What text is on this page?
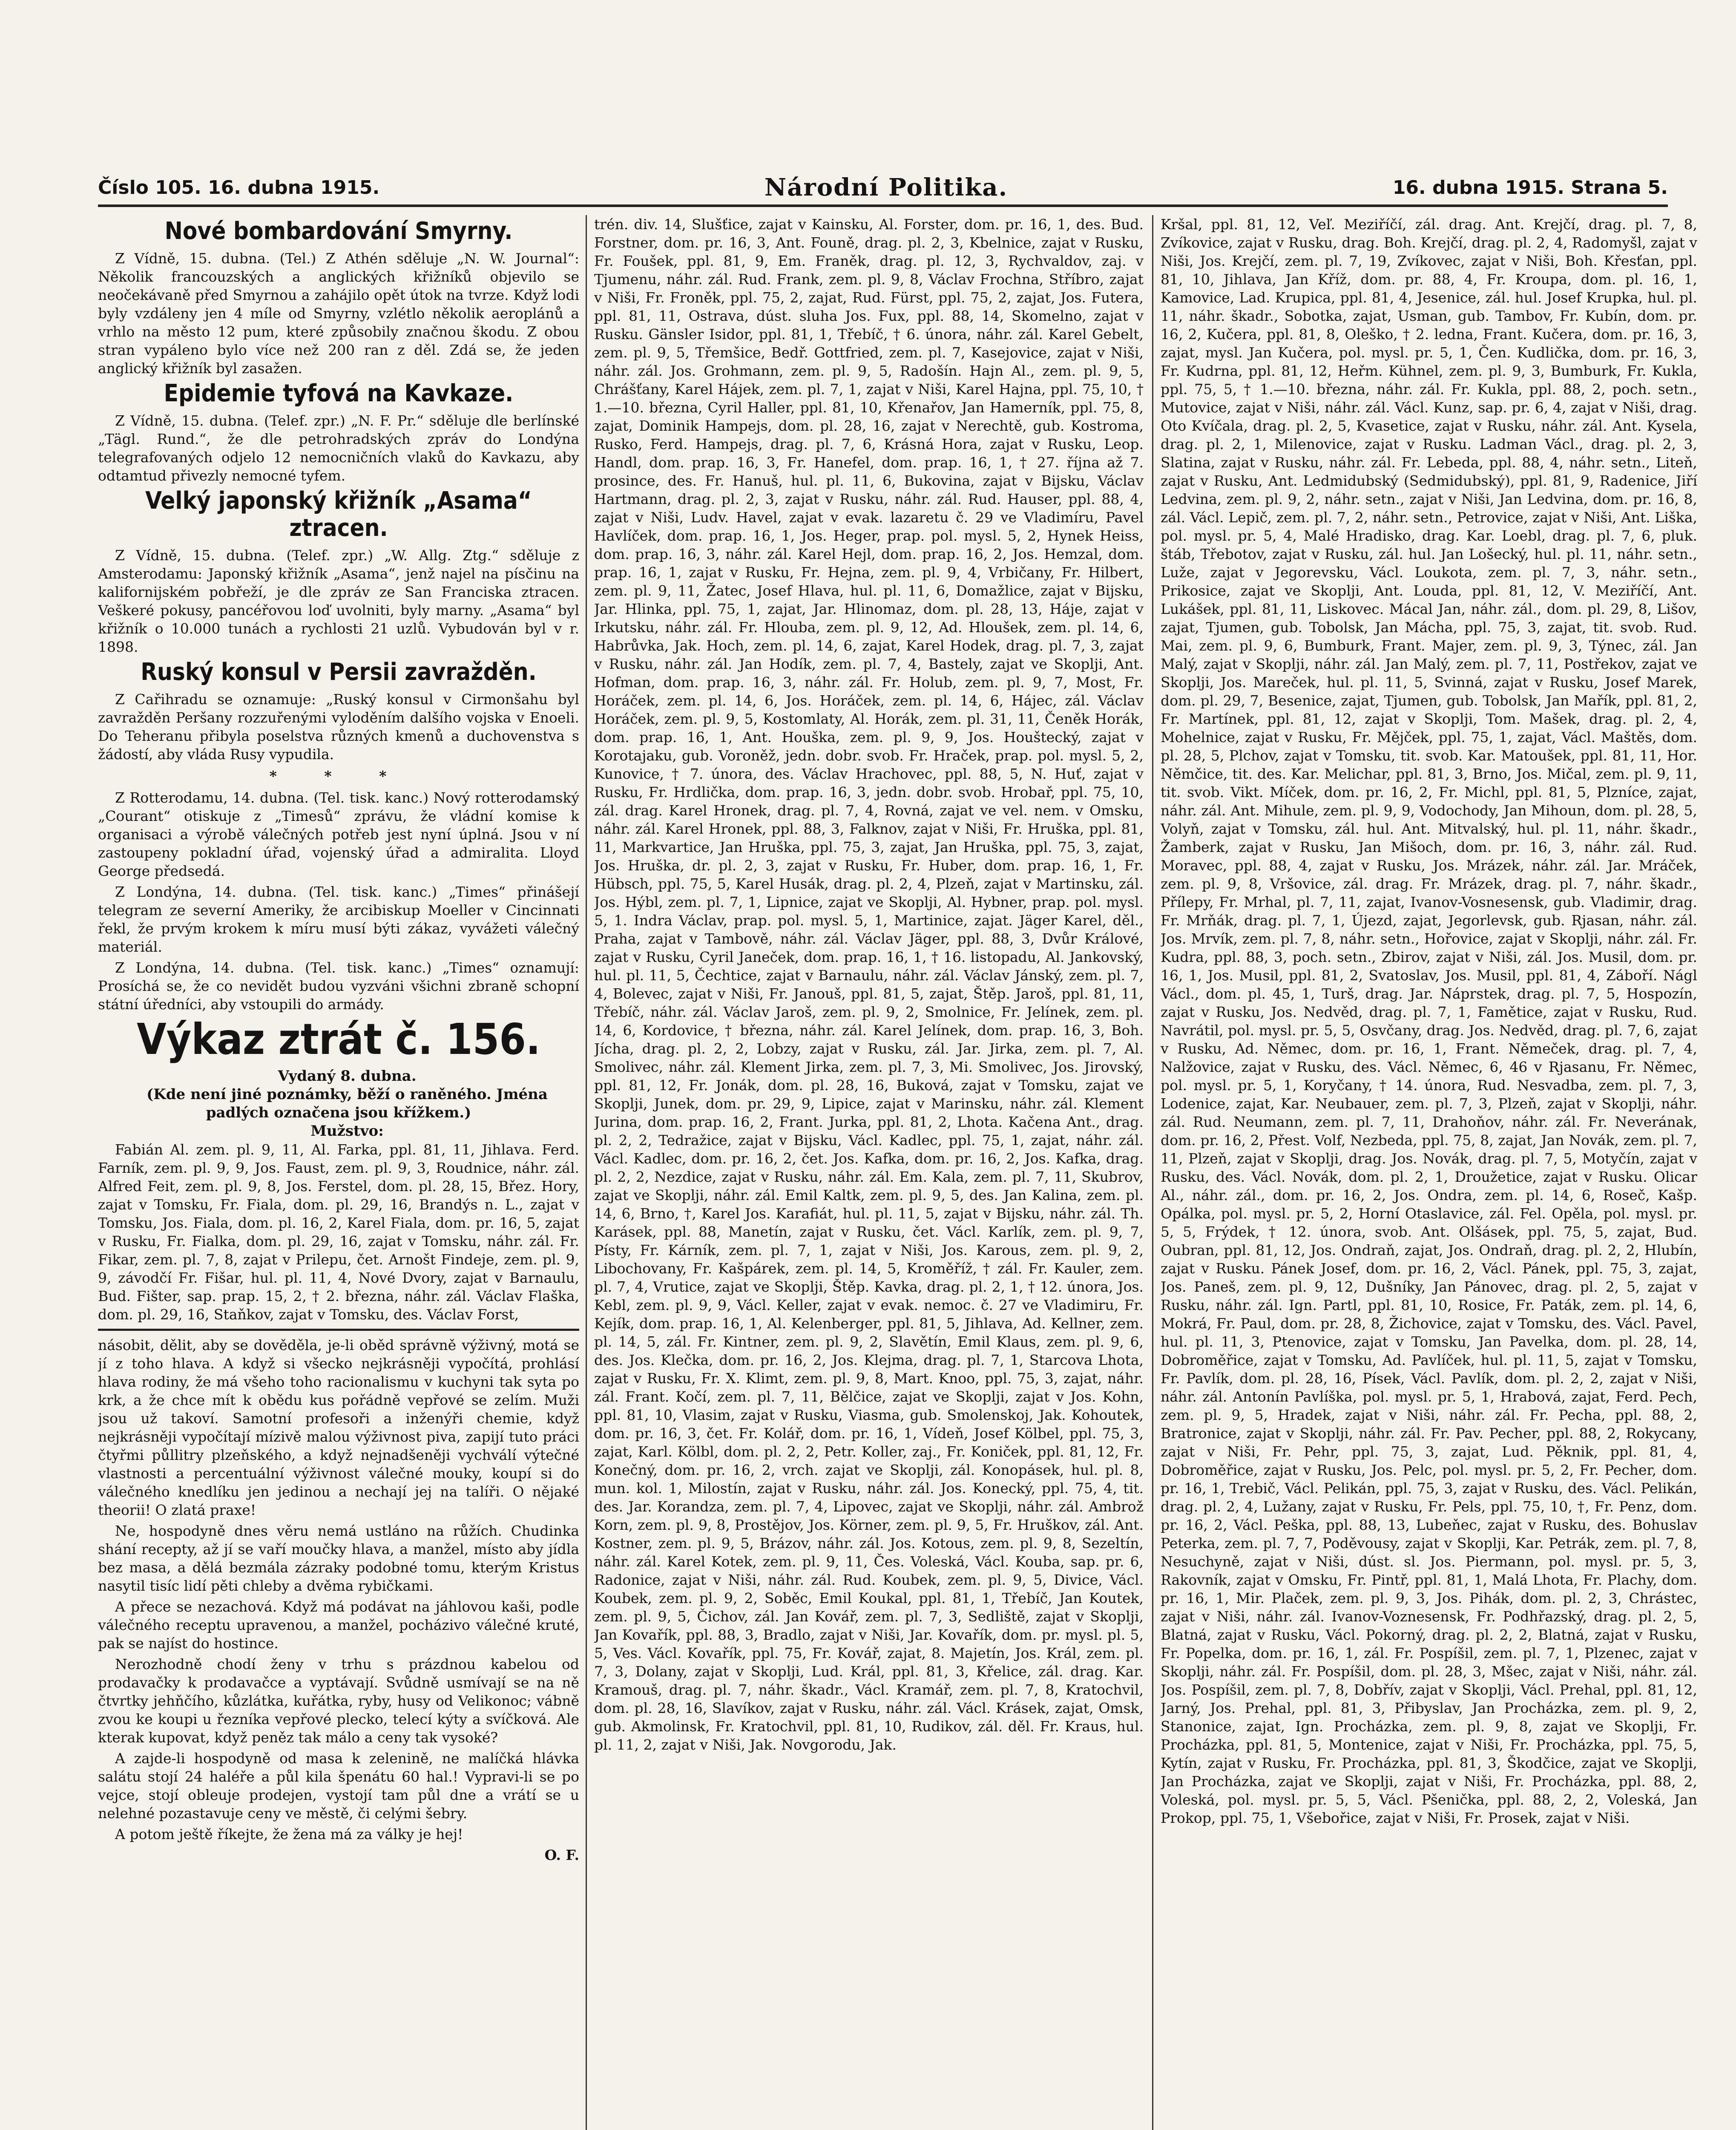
Číslo 105. 16. dubna 1915.	Národní Politika.	16. dubna 1915. Strana 5.
Nové bombardování Smyrny.

Z Vídně, 15. dubna. (Tel.) Z Athén sděluje „N. W. Journal“: Několik francouzských a anglických křižníků objevilo se neočekávaně před Smyrnou a zahájilo opět útok na tvrze. Když lodi byly vzdáleny jen 4 míle od Smyrny, vzlétlo několik aeroplánů a vrhlo na město 12 pum, které způsobily značnou škodu. Z obou stran vypáleno bylo více než 200 ran z děl. Zdá se, že jeden anglický křižník byl zasažen.

Epidemie tyfová na Kavkaze.

Z Vídně, 15. dubna. (Telef. zpr.) „N. F. Pr.“ sděluje dle berlínské „Tägl. Rund.“, že dle petrohradských zpráv do Londýna telegrafovaných odjelo 12 nemocničních vlaků do Kavkazu, aby odtamtud přivezly nemocné tyfem.

Velký japonský křižník „Asama“ ztracen.

Z Vídně, 15. dubna. (Telef. zpr.) „W. Allg. Ztg.“ sděluje z Amsterodamu: Japonský křižník „Asama“, jenž najel na písčinu na kalifornijském pobřeží, je dle zpráv ze San Franciska ztracen. Veškeré pokusy, pancéřovou loď uvolniti, byly marny. „Asama“ byl křižník o 10.000 tunách a rychlosti 21 uzlů. Vybudován byl v r. 1898.

Ruský konsul v Persii zavražděn.

Z Cařihradu se oznamuje: „Ruský konsul v Cirmonšahu byl zavražděn Peršany rozzuřenými vyloděním dalšího vojska v Enoeli. Do Teheranu přibyla poselstva různých kmenů a duchovenstva s žádostí, aby vláda Rusy vypudila.

* * *

Z Rotterodamu, 14. dubna. (Tel. tisk. kanc.) Nový rotterodamský „Courant“ otiskuje z „Timesů“ zprávu, že vládní komise k organisaci a výrobě válečných potřeb jest nyní úplná. Jsou v ní zastoupeny pokladní úřad, vojenský úřad a admiralita. Lloyd George předsedá.

Z Londýna, 14. dubna. (Tel. tisk. kanc.) „Times“ přinášejí telegram ze severní Ameriky, že arcibiskup Moeller v Cincinnati řekl, že prvým krokem k míru musí býti zákaz, vyvážeti válečný materiál.

Z Londýna, 14. dubna. (Tel. tisk. kanc.) „Times“ oznamují: Prosíchá se, že co nevidět budou vyzváni všichni zbraně schopní státní úředníci, aby vstoupili do armády.

Výkaz ztrát č. 156.

Vydaný 8. dubna.

(Kde není jiné poznámky, běží o raněného. Jména padlých označena jsou křížkem.)

Mužstvo:

Fabián Al. zem. pl. 9, 11, Al. Farka, ppl. 81, 11, Jihlava. Ferd. Farník, zem. pl. 9, 9, Jos. Faust, zem. pl. 9, 3, Roudnice, náhr. zál. Alfred Feit, zem. pl. 9, 8, Jos. Ferstel, dom. pl. 28, 15, Břez. Hory, zajat v Tomsku, Fr. Fiala, dom. pl. 29, 16, Brandýs n. L., zajat v Tomsku, Jos. Fiala, dom. pl. 16, 2, Karel Fiala, dom. pr. 16, 5, zajat v Rusku, Fr. Fialka, dom. pl. 29, 16, zajat v Tomsku, náhr. zál. Fr. Fikar, zem. pl. 7, 8, zajat v Prilepu, čet. Arnošt Findeje, zem. pl. 9, 9, závodčí Fr. Fišar, hul. pl. 11, 4, Nové Dvory, zajat v Barnaulu, Bud. Fišter, sap. prap. 15, 2, † 2. března, náhr. zál. Václav Flaška, dom. pl. 29, 16, Staňkov, zajat v Tomsku, des. Václav Forst,

násobit, dělit, aby se dověděla, je-li oběd správně výživný, motá se jí z toho hlava. A když si všecko nejkrásněji vypočítá, prohlásí hlava rodiny, že má všeho toho racionalismu v kuchyni tak syta po krk, a že chce mít k obědu kus pořádně vepřové se zelím. Muži jsou už takoví. Samotní profesoři a inženýři chemie, když nejkrásněji vypočítají mízivě malou výživnost piva, zapijí tuto práci čtyřmi půllitry plzeňského, a když nejnadšeněji vychválí výtečné vlastnosti a percentuální výživnost válečné mouky, koupí si do válečného knedlíku jen jedinou a nechají jej na talíři. O nějaké theorii! O zlatá praxe!

Ne, hospodyně dnes věru nemá ustláno na růžích. Chudinka shání recepty, až jí se vaří moučky hlava, a manžel, místo aby jídla bez masa, a dělá bezmála zázraky podobné tomu, kterým Kristus nasytil tisíc lidí pěti chleby a dvěma rybičkami.

A přece se nezachová. Když má podávat na jáhlovou kaši, podle válečného receptu upravenou, a manžel, pocházivo válečné kruté, pak se najíst do hostince.

Nerozhodně chodí ženy v trhu s prázdnou kabelou od prodavačky k prodavačce a vyptávají. Svůdně usmívají se na ně čtvrtky jehňčího, kůzlátka, kuřátka, ryby, husy od Velikonoc; vábně zvou ke koupi u řezníka vepřové plecko, telecí kýty a svíčková. Ale kterak kupovat, když peněz tak málo a ceny tak vysoké?

A zajde-li hospodyně od masa k zelenině, ne malíčká hlávka salátu stojí 24 haléře a půl kila špenátu 60 hal.! Vypravi-li se po vejce, stojí obleuje prodejen, vystojí tam půl dne a vrátí se u nelehné pozastavuje ceny ve městě, či celými šebry.

A potom ještě říkejte, že žena má za války je hej!

O. F.

trén. div. 14, Slušťice, zajat v Kainsku, Al. Forster, dom. pr. 16, 1, des. Bud. Forstner, dom. pr. 16, 3, Ant. Founě, drag. pl. 2, 3, Kbelnice, zajat v Rusku, Fr. Foušek, ppl. 81, 9, Em. Franěk, drag. pl. 12, 3, Rychvaldov, zaj. v Tjumenu, náhr. zál. Rud. Frank, zem. pl. 9, 8, Václav Frochna, Stříbro, zajat v Niši, Fr. Froněk, ppl. 75, 2, zajat, Rud. Fürst, ppl. 75, 2, zajat, Jos. Futera, ppl. 81, 11, Ostrava, dúst. sluha Jos. Fux, ppl. 88, 14, Skomelno, zajat v Rusku. Gänsler Isidor, ppl. 81, 1, Třebíč, † 6. února, náhr. zál. Karel Gebelt, zem. pl. 9, 5, Třemšice, Bedř. Gottfried, zem. pl. 7, Kasejovice, zajat v Niši, náhr. zál. Jos. Grohmann, zem. pl. 9, 5, Radošín. Hajn Al., zem. pl. 9, 5, Chrášťany, Karel Hájek, zem. pl. 7, 1, zajat v Niši, Karel Hajna, ppl. 75, 10, † 1.—10. března, Cyril Haller, ppl. 81, 10, Křenařov, Jan Hamerník, ppl. 75, 8, zajat, Dominik Hampejs, dom. pl. 28, 16, zajat v Nerechtě, gub. Kostroma, Rusko, Ferd. Hampejs, drag. pl. 7, 6, Krásná Hora, zajat v Rusku, Leop. Handl, dom. prap. 16, 3, Fr. Hanefel, dom. prap. 16, 1, † 27. října až 7. prosince, des. Fr. Hanuš, hul. pl. 11, 6, Bukovina, zajat v Bijsku, Václav Hartmann, drag. pl. 2, 3, zajat v Rusku, náhr. zál. Rud. Hauser, ppl. 88, 4, zajat v Niši, Ludv. Havel, zajat v evak. lazaretu č. 29 ve Vladimíru, Pavel Havlíček, dom. prap. 16, 1, Jos. Heger, prap. pol. mysl. 5, 2, Hynek Heiss, dom. prap. 16, 3, náhr. zál. Karel Hejl, dom. prap. 16, 2, Jos. Hemzal, dom. prap. 16, 1, zajat v Rusku, Fr. Hejna, zem. pl. 9, 4, Vrbičany, Fr. Hilbert, zem. pl. 9, 11, Žatec, Josef Hlava, hul. pl. 11, 6, Domažlice, zajat v Bijsku, Jar. Hlinka, ppl. 75, 1, zajat, Jar. Hlinomaz, dom. pl. 28, 13, Háje, zajat v Irkutsku, náhr. zál. Fr. Hlouba, zem. pl. 9, 12, Ad. Hloušek, zem. pl. 14, 6, Habrůvka, Jak. Hoch, zem. pl. 14, 6, zajat, Karel Hodek, drag. pl. 7, 3, zajat v Rusku, náhr. zál. Jan Hodík, zem. pl. 7, 4, Bastely, zajat ve Skoplji, Ant. Hofman, dom. prap. 16, 3, náhr. zál. Fr. Holub, zem. pl. 9, 7, Most, Fr. Horáček, zem. pl. 14, 6, Jos. Horáček, zem. pl. 14, 6, Hájec, zál. Václav Horáček, zem. pl. 9, 5, Kostomlaty, Al. Horák, zem. pl. 31, 11, Čeněk Horák, dom. prap. 16, 1, Ant. Houška, zem. pl. 9, 9, Jos. Houštecký, zajat v Korotajaku, gub. Voroněž, jedn. dobr. svob. Fr. Hraček, prap. pol. mysl. 5, 2, Kunovice, † 7. února, des. Václav Hrachovec, ppl. 88, 5, N. Huť, zajat v Rusku, Fr. Hrdlička, dom. prap. 16, 3, jedn. dobr. svob. Hrobař, ppl. 75, 10, zál. drag. Karel Hronek, drag. pl. 7, 4, Rovná, zajat ve vel. nem. v Omsku, náhr. zál. Karel Hronek, ppl. 88, 3, Falknov, zajat v Niši, Fr. Hruška, ppl. 81, 11, Markvartice, Jan Hruška, ppl. 75, 3, zajat, Jan Hruška, ppl. 75, 3, zajat, Jos. Hruška, dr. pl. 2, 3, zajat v Rusku, Fr. Huber, dom. prap. 16, 1, Fr. Hübsch, ppl. 75, 5, Karel Husák, drag. pl. 2, 4, Plzeň, zajat v Martinsku, zál. Jos. Hýbl, zem. pl. 7, 1, Lipnice, zajat ve Skoplji, Al. Hybner, prap. pol. mysl. 5, 1. Indra Václav, prap. pol. mysl. 5, 1, Martinice, zajat. Jäger Karel, děl., Praha, zajat v Tambově, náhr. zál. Václav Jäger, ppl. 88, 3, Dvůr Králové, zajat v Rusku, Cyril Janeček, dom. prap. 16, 1, † 16. listopadu, Al. Jankovský, hul. pl. 11, 5, Čechtice, zajat v Barnaulu, náhr. zál. Václav Jánský, zem. pl. 7, 4, Bolevec, zajat v Niši, Fr. Janouš, ppl. 81, 5, zajat, Štěp. Jaroš, ppl. 81, 11, Třebíč, náhr. zál. Václav Jaroš, zem. pl. 9, 2, Smolnice, Fr. Jelínek, zem. pl. 14, 6, Kordovice, † března, náhr. zál. Karel Jelínek, dom. prap. 16, 3, Boh. Jícha, drag. pl. 2, 2, Lobzy, zajat v Rusku, zál. Jar. Jirka, zem. pl. 7, Al. Smolivec, náhr. zál. Klement Jirka, zem. pl. 7, 3, Mi. Smolivec, Jos. Jirovský, ppl. 81, 12, Fr. Jonák, dom. pl. 28, 16, Buková, zajat v Tomsku, zajat ve Skoplji, Junek, dom. pr. 29, 9, Lipice, zajat v Marinsku, náhr. zál. Klement Jurina, dom. prap. 16, 2, Frant. Jurka, ppl. 81, 2, Lhota. Kačena Ant., drag. pl. 2, 2, Tedražice, zajat v Bijsku, Václ. Kadlec, ppl. 75, 1, zajat, náhr. zál. Václ. Kadlec, dom. pr. 16, 2, čet. Jos. Kafka, dom. pr. 16, 2, Jos. Kafka, drag. pl. 2, 2, Nezdice, zajat v Rusku, náhr. zál. Em. Kala, zem. pl. 7, 11, Skubrov, zajat ve Skoplji, náhr. zál. Emil Kaltk, zem. pl. 9, 5, des. Jan Kalina, zem. pl. 14, 6, Brno, †, Karel Jos. Karafiát, hul. pl. 11, 5, zajat v Bijsku, náhr. zál. Th. Karásek, ppl. 88, Manetín, zajat v Rusku, čet. Václ. Karlík, zem. pl. 9, 7, Písty, Fr. Kárník, zem. pl. 7, 1, zajat v Niši, Jos. Karous, zem. pl. 9, 2, Libochovany, Fr. Kašpárek, zem. pl. 14, 5, Kroměříž, † zál. Fr. Kauler, zem. pl. 7, 4, Vrutice, zajat ve Skoplji, Štěp. Kavka, drag. pl. 2, 1, † 12. února, Jos. Kebl, zem. pl. 9, 9, Václ. Keller, zajat v evak. nemoc. č. 27 ve Vladimiru, Fr. Kejík, dom. prap. 16, 1, Al. Kelenberger, ppl. 81, 5, Jihlava, Ad. Kellner, zem. pl. 14, 5, zál. Fr. Kintner, zem. pl. 9, 2, Slavětín, Emil Klaus, zem. pl. 9, 6, des. Jos. Klečka, dom. pr. 16, 2, Jos. Klejma, drag. pl. 7, 1, Starcova Lhota, zajat v Rusku, Fr. X. Klimt, zem. pl. 9, 8, Mart. Knoo, ppl. 75, 3, zajat, náhr. zál. Frant. Kočí, zem. pl. 7, 11, Bělčice, zajat ve Skoplji, zajat v Jos. Kohn, ppl. 81, 10, Vlasim, zajat v Rusku, Viasma, gub. Smolenskoj, Jak. Kohoutek, dom. pr. 16, 3, čet. Fr. Kolář, dom. pr. 16, 1, Vídeň, Josef Kölbel, ppl. 75, 3, zajat, Karl. Kölbl, dom. pl. 2, 2, Petr. Koller, zaj., Fr. Koniček, ppl. 81, 12, Fr. Konečný, dom. pr. 16, 2, vrch. zajat ve Skoplji, zál. Konopásek, hul. pl. 8, mun. kol. 1, Milostín, zajat v Rusku, náhr. zál. Jos. Konecký, ppl. 75, 4, tit. des. Jar. Korandza, zem. pl. 7, 4, Lipovec, zajat ve Skoplji, náhr. zál. Ambrož Korn, zem. pl. 9, 8, Prostějov, Jos. Körner, zem. pl. 9, 5, Fr. Hruškov, zál. Ant. Kostner, zem. pl. 9, 5, Brázov, náhr. zál. Jos. Kotous, zem. pl. 9, 8, Sezeltín, náhr. zál. Karel Kotek, zem. pl. 9, 11, Čes. Voleská, Václ. Kouba, sap. pr. 6, Radonice, zajat v Niši, náhr. zál. Rud. Koubek, zem. pl. 9, 5, Divice, Václ. Koubek, zem. pl. 9, 2, Soběc, Emil Koukal, ppl. 81, 1, Třebíč, Jan Koutek, zem. pl. 9, 5, Čichov, zál. Jan Kovář, zem. pl. 7, 3, Sedliště, zajat v Skoplji, Jan Kovařík, ppl. 88, 3, Bradlo, zajat v Niši, Jar. Kovařík, dom. pr. mysl. pl. 5, 5, Ves. Václ. Kovařík, ppl. 75, Fr. Kovář, zajat, 8. Majetín, Jos. Král, zem. pl. 7, 3, Dolany, zajat v Skoplji, Lud. Král, ppl. 81, 3, Křelice, zál. drag. Kar. Kramouš, drag. pl. 7, náhr. škadr., Václ. Kramář, zem. pl. 7, 8, Kratochvil, dom. pl. 28, 16, Slavíkov, zajat v Rusku, náhr. zál. Václ. Krásek, zajat, Omsk, gub. Akmolinsk, Fr. Kratochvil, ppl. 81, 10, Rudikov, zál. děl. Fr. Kraus, hul. pl. 11, 2, zajat v Niši, Jak. Novgorodu, Jak.

Kršal, ppl. 81, 12, Veľ. Meziříčí, zál. drag. Ant. Krejčí, drag. pl. 7, 8, Zvíkovice, zajat v Rusku, drag. Boh. Krejčí, drag. pl. 2, 4, Radomyšl, zajat v Niši, Jos. Krejčí, zem. pl. 7, 19, Zvíkovec, zajat v Niši, Boh. Křesťan, ppl. 81, 10, Jihlava, Jan Kříž, dom. pr. 88, 4, Fr. Kroupa, dom. pl. 16, 1, Kamovice, Lad. Krupica, ppl. 81, 4, Jesenice, zál. hul. Josef Krupka, hul. pl. 11, náhr. škadr., Sobotka, zajat, Usman, gub. Tambov, Fr. Kubín, dom. pr. 16, 2, Kučera, ppl. 81, 8, Oleško, † 2. ledna, Frant. Kučera, dom. pr. 16, 3, zajat, mysl. Jan Kučera, pol. mysl. pr. 5, 1, Čen. Kudlička, dom. pr. 16, 3, Fr. Kudrna, ppl. 81, 12, Heřm. Kühnel, zem. pl. 9, 3, Bumburk, Fr. Kukla, ppl. 75, 5, † 1.—10. března, náhr. zál. Fr. Kukla, ppl. 88, 2, poch. setn., Mutovice, zajat v Niši, náhr. zál. Václ. Kunz, sap. pr. 6, 4, zajat v Niši, drag. Oto Kvíčala, drag. pl. 2, 5, Kvasetice, zajat v Rusku, náhr. zál. Ant. Kysela, drag. pl. 2, 1, Milenovice, zajat v Rusku. Ladman Václ., drag. pl. 2, 3, Slatina, zajat v Rusku, náhr. zál. Fr. Lebeda, ppl. 88, 4, náhr. setn., Liteň, zajat v Rusku, Ant. Ledmidubský (Sedmidubský), ppl. 81, 9, Radenice, Jiří Ledvina, zem. pl. 9, 2, náhr. setn., zajat v Niši, Jan Ledvina, dom. pr. 16, 8, zál. Václ. Lepič, zem. pl. 7, 2, náhr. setn., Petrovice, zajat v Niši, Ant. Liška, pol. mysl. pr. 5, 4, Malé Hradisko, drag. Kar. Loebl, drag. pl. 7, 6, pluk. štáb, Třebotov, zajat v Rusku, zál. hul. Jan Lošecký, hul. pl. 11, náhr. setn., Luže, zajat v Jegorevsku, Václ. Loukota, zem. pl. 7, 3, náhr. setn., Prikosice, zajat ve Skoplji, Ant. Louda, ppl. 81, 12, V. Meziříčí, Ant. Lukášek, ppl. 81, 11, Liskovec. Mácal Jan, náhr. zál., dom. pl. 29, 8, Lišov, zajat, Tjumen, gub. Tobolsk, Jan Mácha, ppl. 75, 3, zajat, tit. svob. Rud. Mai, zem. pl. 9, 6, Bumburk, Frant. Majer, zem. pl. 9, 3, Týnec, zál. Jan Malý, zajat v Skoplji, náhr. zál. Jan Malý, zem. pl. 7, 11, Postřekov, zajat ve Skoplji, Jos. Mareček, hul. pl. 11, 5, Svinná, zajat v Rusku, Josef Marek, dom. pl. 29, 7, Besenice, zajat, Tjumen, gub. Tobolsk, Jan Mařík, ppl. 81, 2, Fr. Martínek, ppl. 81, 12, zajat v Skoplji, Tom. Mašek, drag. pl. 2, 4, Mohelnice, zajat v Rusku, Fr. Mějček, ppl. 75, 1, zajat, Václ. Maštěs, dom. pl. 28, 5, Plchov, zajat v Tomsku, tit. svob. Kar. Matoušek, ppl. 81, 11, Hor. Němčice, tit. des. Kar. Melichar, ppl. 81, 3, Brno, Jos. Mičal, zem. pl. 9, 11, tit. svob. Vikt. Míček, dom. pr. 16, 2, Fr. Michl, ppl. 81, 5, Plzníce, zajat, náhr. zál. Ant. Mihule, zem. pl. 9, 9, Vodochody, Jan Mihoun, dom. pl. 28, 5, Volyň, zajat v Tomsku, zál. hul. Ant. Mitvalský, hul. pl. 11, náhr. škadr., Žamberk, zajat v Rusku, Jan Mišoch, dom. pr. 16, 3, náhr. zál. Rud. Moravec, ppl. 88, 4, zajat v Rusku, Jos. Mrázek, náhr. zál. Jar. Mráček, zem. pl. 9, 8, Vršovice, zál. drag. Fr. Mrázek, drag. pl. 7, náhr. škadr., Přílepy, Fr. Mrhal, pl. 7, 11, zajat, Ivanov-Vosnesensk, gub. Vladimir, drag. Fr. Mrňák, drag. pl. 7, 1, Újezd, zajat, Jegorlevsk, gub. Rjasan, náhr. zál. Jos. Mrvík, zem. pl. 7, 8, náhr. setn., Hořovice, zajat v Skoplji, náhr. zál. Fr. Kudra, ppl. 88, 3, poch. setn., Zbirov, zajat v Niši, zál. Jos. Musil, dom. pr. 16, 1, Jos. Musil, ppl. 81, 2, Svatoslav, Jos. Musil, ppl. 81, 4, Záboří. Nágl Václ., dom. pl. 45, 1, Turš, drag. Jar. Náprstek, drag. pl. 7, 5, Hospozín, zajat v Rusku, Jos. Nedvěd, drag. pl. 7, 1, Famětice, zajat v Rusku, Rud. Navrátil, pol. mysl. pr. 5, 5, Osvčany, drag. Jos. Nedvěd, drag. pl. 7, 6, zajat v Rusku, Ad. Němec, dom. pr. 16, 1, Frant. Němeček, drag. pl. 7, 4, Nalžovice, zajat v Rusku, des. Václ. Němec, 6, 46 v Rjasanu, Fr. Němec, pol. mysl. pr. 5, 1, Koryčany, † 14. února, Rud. Nesvadba, zem. pl. 7, 3, Lodenice, zajat, Kar. Neubauer, zem. pl. 7, 3, Plzeň, zajat v Skoplji, náhr. zál. Rud. Neumann, zem. pl. 7, 11, Drahoňov, náhr. zál. Fr. Neverának, dom. pr. 16, 2, Přest. Volf, Nezbeda, ppl. 75, 8, zajat, Jan Novák, zem. pl. 7, 11, Plzeň, zajat v Skoplji, drag. Jos. Novák, drag. pl. 7, 5, Motyčín, zajat v Rusku, des. Václ. Novák, dom. pl. 2, 1, Droužetice, zajat v Rusku. Olicar Al., náhr. zál., dom. pr. 16, 2, Jos. Ondra, zem. pl. 14, 6, Roseč, Kašp. Opálka, pol. mysl. pr. 5, 2, Horní Otaslavice, zál. Fel. Opěla, pol. mysl. pr. 5, 5, Frýdek, † 12. února, svob. Ant. Olšásek, ppl. 75, 5, zajat, Bud. Oubran, ppl. 81, 12, Jos. Ondraň, zajat, Jos. Ondraň, drag. pl. 2, 2, Hlubín, zajat v Rusku. Pánek Josef, dom. pr. 16, 2, Václ. Pánek, ppl. 75, 3, zajat, Jos. Paneš, zem. pl. 9, 12, Dušníky, Jan Pánovec, drag. pl. 2, 5, zajat v Rusku, náhr. zál. Ign. Partl, ppl. 81, 10, Rosice, Fr. Paták, zem. pl. 14, 6, Mokrá, Fr. Paul, dom. pr. 28, 8, Žichovice, zajat v Tomsku, des. Václ. Pavel, hul. pl. 11, 3, Ptenovice, zajat v Tomsku, Jan Pavelka, dom. pl. 28, 14, Dobroměřice, zajat v Tomsku, Ad. Pavlíček, hul. pl. 11, 5, zajat v Tomsku, Fr. Pavlík, dom. pl. 28, 16, Písek, Václ. Pavlík, dom. pl. 2, 2, zajat v Niši, náhr. zál. Antonín Pavlíška, pol. mysl. pr. 5, 1, Hrabová, zajat, Ferd. Pech, zem. pl. 9, 5, Hradek, zajat v Niši, náhr. zál. Fr. Pecha, ppl. 88, 2, Bratronice, zajat v Skoplji, náhr. zál. Fr. Pav. Pecher, ppl. 88, 2, Rokycany, zajat v Niši, Fr. Pehr, ppl. 75, 3, zajat, Lud. Pěknik, ppl. 81, 4, Dobroměřice, zajat v Rusku, Jos. Pelc, pol. mysl. pr. 5, 2, Fr. Pecher, dom. pr. 16, 1, Trebič, Václ. Pelikán, ppl. 75, 3, zajat v Rusku, des. Václ. Pelikán, drag. pl. 2, 4, Lužany, zajat v Rusku, Fr. Pels, ppl. 75, 10, †, Fr. Penz, dom. pr. 16, 2, Václ. Peška, ppl. 88, 13, Lubeňec, zajat v Rusku, des. Bohuslav Peterka, zem. pl. 7, 7, Poděvousy, zajat v Skoplji, Kar. Petrák, zem. pl. 7, 8, Nesuchyně, zajat v Niši, dúst. sl. Jos. Piermann, pol. mysl. pr. 5, 3, Rakovník, zajat v Omsku, Fr. Pintř, ppl. 81, 1, Malá Lhota, Fr. Plachy, dom. pr. 16, 1, Mir. Plaček, zem. pl. 9, 3, Jos. Pihák, dom. pl. 2, 3, Chrástec, zajat v Niši, náhr. zál. Ivanov-Voznesensk, Fr. Podhřazský, drag. pl. 2, 5, Blatná, zajat v Rusku, Václ. Pokorný, drag. pl. 2, 2, Blatná, zajat v Rusku, Fr. Popelka, dom. pr. 16, 1, zál. Fr. Pospíšil, zem. pl. 7, 1, Plzenec, zajat v Skoplji, náhr. zál. Fr. Pospíšil, dom. pl. 28, 3, Mšec, zajat v Niši, náhr. zál. Jos. Pospíšil, zem. pl. 7, 8, Dobřív, zajat v Skoplji, Václ. Prehal, ppl. 81, 12, Jarný, Jos. Prehal, ppl. 81, 3, Přibyslav, Jan Procházka, zem. pl. 9, 2, Stanonice, zajat, Ign. Procházka, zem. pl. 9, 8, zajat ve Skoplji, Fr. Procházka, ppl. 81, 5, Montenice, zajat v Niši, Fr. Procházka, ppl. 75, 5, Kytín, zajat v Rusku, Fr. Procházka, ppl. 81, 3, Škodčice, zajat ve Skoplji, Jan Procházka, zajat ve Skoplji, zajat v Niši, Fr. Procházka, ppl. 88, 2, Voleská, pol. mysl. pr. 5, 5, Václ. Pšenička, ppl. 88, 2, 2, Voleská, Jan Prokop, ppl. 75, 1, Všebořice, zajat v Niši, Fr. Prosek, zajat v Niši.
